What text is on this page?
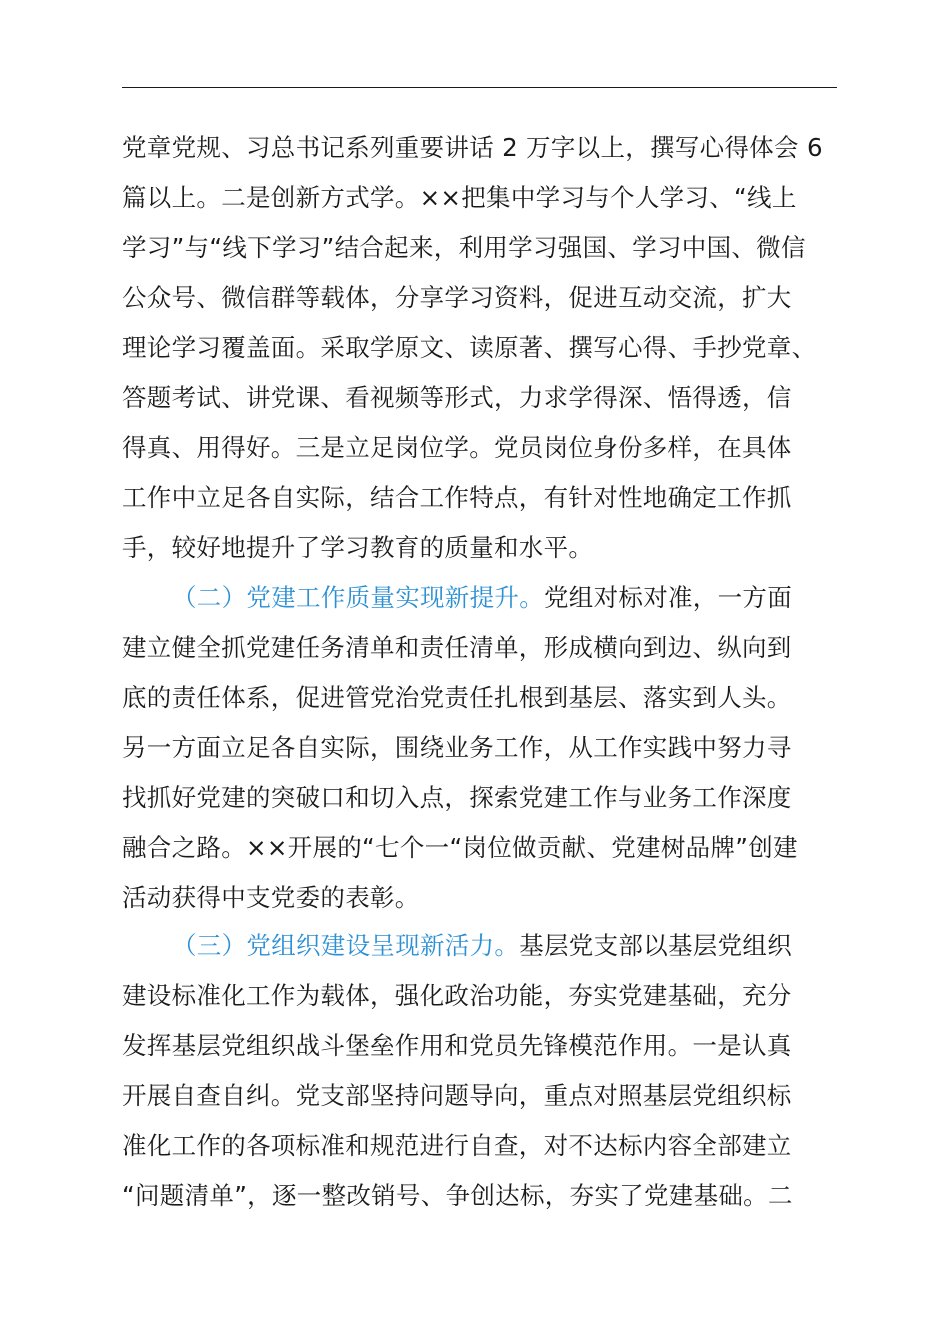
党章党规、习总书记系列重要讲话 2 万字以上，撰写心得体会 6
篇以上。二是创新方式学。××把集中学习与个人学习、“线上
学习”与“线下学习”结合起来，利用学习强国、学习中国、微信
公众号、微信群等载体，分享学习资料，促进互动交流，扩大
理论学习覆盖面。采取学原文、读原著、撰写心得、手抄党章、
答题考试、讲党课、看视频等形式，力求学得深、悟得透，信
得真、用得好。三是立足岗位学。党员岗位身份多样，在具体
工作中立足各自实际，结合工作特点，有针对性地确定工作抓
手，较好地提升了学习教育的质量和水平。
（二）党建工作质量实现新提升。党组对标对准，一方面
建立健全抓党建任务清单和责任清单，形成横向到边、纵向到
底的责任体系，促进管党治党责任扎根到基层、落实到人头。
另一方面立足各自实际，围绕业务工作，从工作实践中努力寻
找抓好党建的突破口和切入点，探索党建工作与业务工作深度
融合之路。××开展的“七个一“岗位做贡献、党建树品牌”创建
活动获得中支党委的表彰。
（三）党组织建设呈现新活力。基层党支部以基层党组织
建设标准化工作为载体，强化政治功能，夯实党建基础，充分
发挥基层党组织战斗堡垒作用和党员先锋模范作用。一是认真
开展自查自纠。党支部坚持问题导向，重点对照基层党组织标
准化工作的各项标准和规范进行自查，对不达标内容全部建立
“问题清单”，逐一整改销号、争创达标，夯实了党建基础。二
